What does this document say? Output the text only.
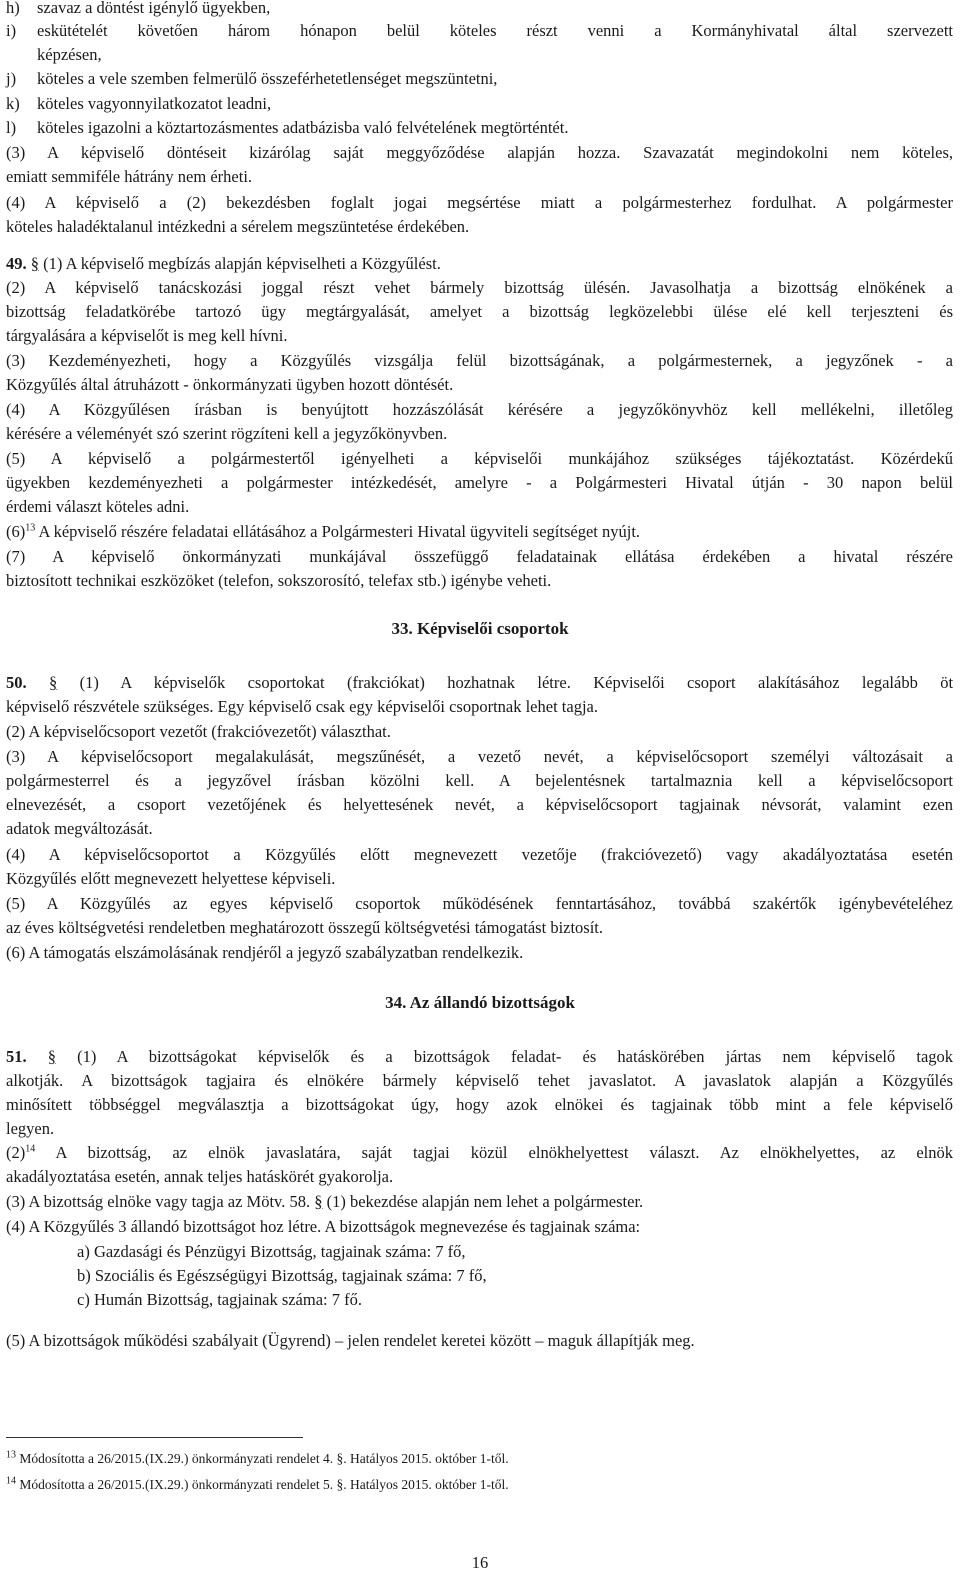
h) szavaz a döntést igénylő ügyekben,
i) eskütételét követően három hónapon belül köteles részt venni a Kormányhivatal által szervezett
képzésen,
j) köteles a vele szemben felmerülő összeférhetetlenséget megszüntetni,
k) köteles vagyonnyilatkozatot leadni,
l) köteles igazolni a köztartozásmentes adatbázisba való felvételének megtörténtét.
(3) A képviselő döntéseit kizárólag saját meggyőződése alapján hozza. Szavazatát megindokolni nem köteles,
emiatt semmiféle hátrány nem érheti.
(4) A képviselő a (2) bekezdésben foglalt jogai megsértése miatt a polgármesterhez fordulhat. A polgármester
köteles haladéktalanul intézkedni a sérelem megszüntetése érdekében.
49. § (1) A képviselő megbízás alapján képviselheti a Közgyűlést.
(2) A képviselő tanácskozási joggal részt vehet bármely bizottság ülésén. Javasolhatja a bizottság elnökének a
bizottság feladatkörébe tartozó ügy megtárgyalását, amelyet a bizottság legközelebbi ülése elé kell terjeszteni és
tárgyalására a képviselőt is meg kell hívni.
(3) Kezdeményezheti, hogy a Közgyűlés vizsgálja felül bizottságának, a polgármesternek, a jegyzőnek - a
Közgyűlés által átruházott - önkormányzati ügyben hozott döntését.
(4) A Közgyűlésen írásban is benyújtott hozzászólását kérésére a jegyzőkönyvhöz kell mellékelni, illetőleg
kérésére a véleményét szó szerint rögzíteni kell a jegyzőkönyvben.
(5) A képviselő a polgármestertől igényelheti a képviselői munkájához szükséges tájékoztatást. Közérdekű
ügyekben kezdeményezheti a polgármester intézkedését, amelyre - a Polgármesteri Hivatal útján - 30 napon belül
érdemi választ köteles adni.
$(6)^{13}$ A képviselő részére feladatai ellátásához a Polgármesteri Hivatal ügyviteli segítséget nyújt.
(7) A képviselő önkormányzati munkájával összefüggő feladatainak ellátása érdekében a hivatal részére
biztosított technikai eszközöket (telefon, sokszorosító, telefax stb.) igénybe veheti.
33. Képviselői csoportok
50. § (1) A képviselők csoportokat (frakciókat) hozhatnak létre. Képviselői csoport alakításához legalább öt
képviselő részvétele szükséges. Egy képviselő csak egy képviselői csoportnak lehet tagja.
(2) A képviselőcsoport vezetőt (frakcióvezetőt) választhat.
(3) A képviselőcsoport megalakulását, megszűnését, a vezető nevét, a képviselőcsoport személyi változásait a
polgármesterrel és a jegyzővel írásban közölni kell. A bejelentésnek tartalmaznia kell a képviselőcsoport
elnevezését, a csoport vezetőjének és helyettesének nevét, a képviselőcsoport tagjainak névsorát, valamint ezen
adatok megváltozását.
(4) A képviselőcsoportot a Közgyűlés előtt megnevezett vezetője (frakcióvezető) vagy akadályoztatása esetén
Közgyűlés előtt megnevezett helyettese képviseli.
(5) A Közgyűlés az egyes képviselő csoportok működésének fenntartásához, továbbá szakértők igénybevételéhez
az éves költségvetési rendeletben meghatározott összegű költségvetési támogatást biztosít.
(6) A támogatás elszámolásának rendjéről a jegyző szabályzatban rendelkezik.
34. Az állandó bizottságok
51. § (1) A bizottságokat képviselők és a bizottságok feladat- és hatáskörében jártas nem képviselő tagok
alkotják. A bizottságok tagjaira és elnökére bármely képviselő tehet javaslatot. A javaslatok alapján a Közgyűlés
minősített többséggel megválasztja a bizottságokat úgy, hogy azok elnökei és tagjainak több mint a fele képviselő
legyen.
$(2)^{14}$ A bizottság, az elnök javaslatára, saját tagjai közül elnökhelyettest választ. Az elnökhelyettes, az elnök
akadályoztatása esetén, annak teljes hatáskörét gyakorolja.
(3) A bizottság elnöke vagy tagja az Mötv. 58. § (1) bekezdése alapján nem lehet a polgármester.
(4) A Közgyűlés 3 állandó bizottságot hoz létre. A bizottságok megnevezése és tagjainak száma:
a) Gazdasági és Pénzügyi Bizottság, tagjainak száma: 7 fő,
b) Szociális és Egészségügyi Bizottság, tagjainak száma: 7 fő,
c) Humán Bizottság, tagjainak száma: 7 fő.
(5) A bizottságok működési szabályait (Ügyrend) – jelen rendelet keretei között – maguk állapítják meg.
$^{13}$ Módosította a 26/2015.(IX.29.) önkormányzati rendelet 4. §. Hatályos 2015. október 1-től.
$^{14}$ Módosította a 26/2015.(IX.29.) önkormányzati rendelet 5. §. Hatályos 2015. október 1-től.
16
